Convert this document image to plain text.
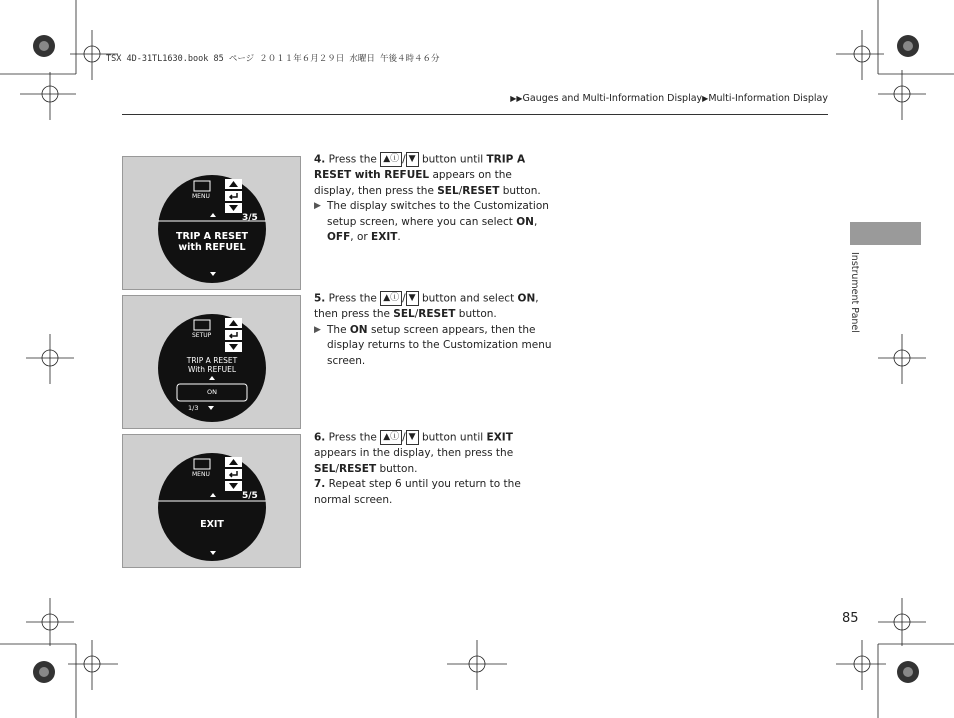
TSX 4D-31TL1630.book 85 ページ ２０１１年６月２９日 水曜日 午後４時４６分
▶▶Gauges and Multi-Information Display▶Multi-Information Display
Instrument Panel
85
MENU
3/5
TRIP A RESET
with REFUEL
SETUP
TRIP A RESET
With REFUEL
ON
1/3
MENU
5/5
EXIT
4. Press the ▲ⓘ / ▼ button until TRIP A RESET with REFUEL appears on the display, then press the SEL/RESET button.
▶ The display switches to the Customization setup screen, where you can select ON, OFF, or EXIT.
5. Press the ▲ⓘ / ▼ button and select ON, then press the SEL/RESET button.
▶ The ON setup screen appears, then the display returns to the Customization menu screen.
6. Press the ▲ⓘ / ▼ button until EXIT appears in the display, then press the SEL/RESET button.
7. Repeat step 6 until you return to the normal screen.
